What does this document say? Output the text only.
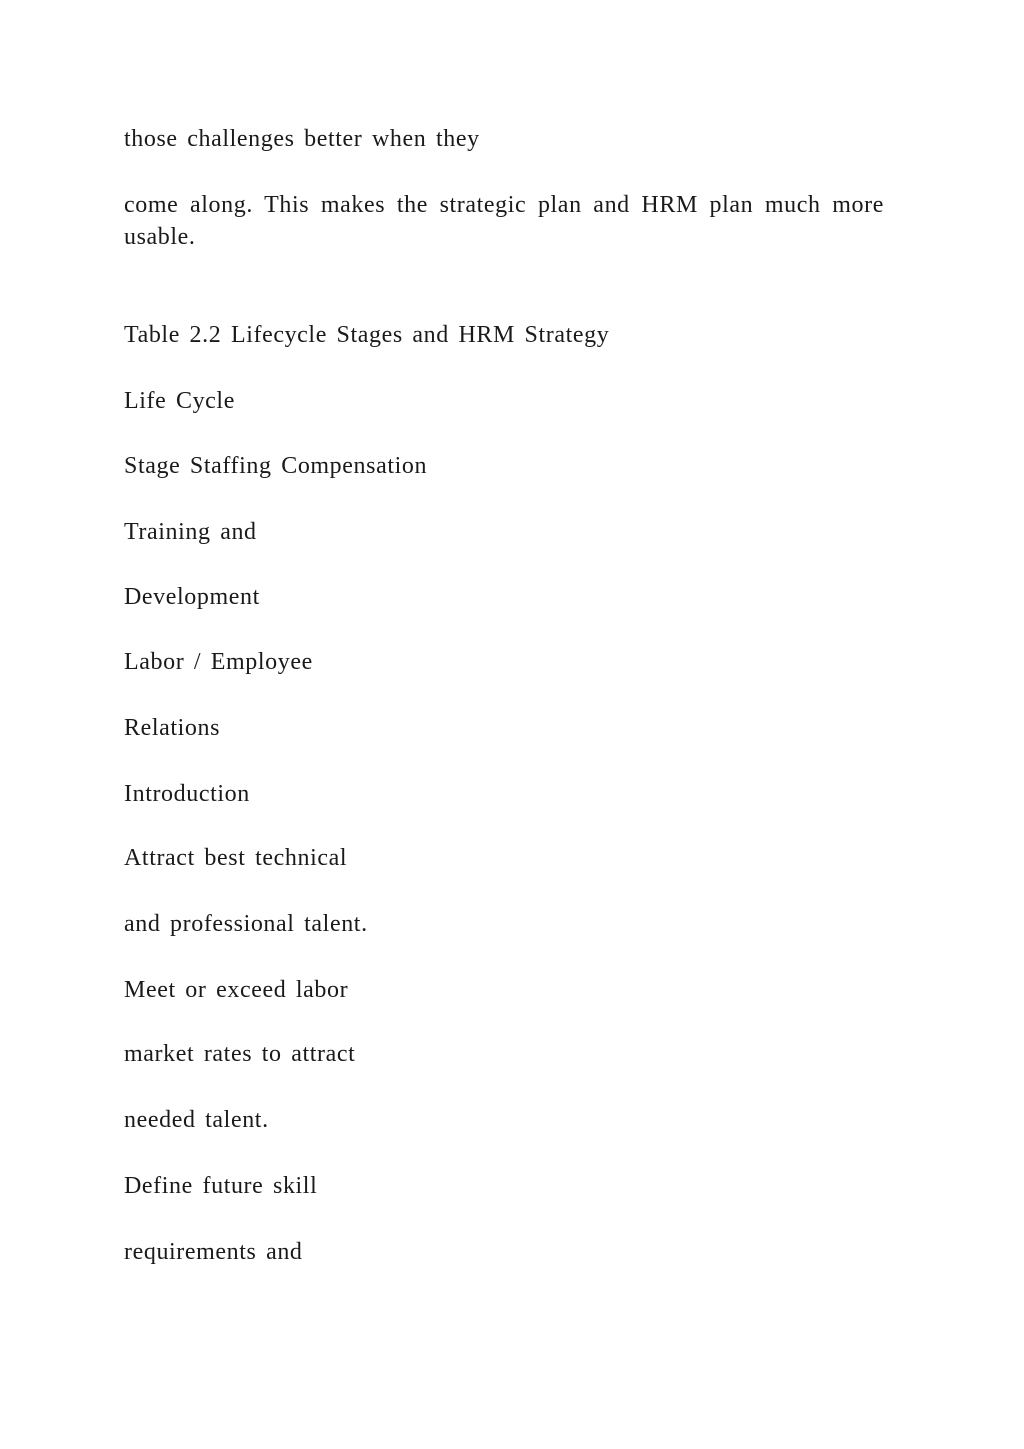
those challenges better when they

come along. This makes the strategic plan and HRM plan much more usable.

Table 2.2 Lifecycle Stages and HRM Strategy

Life Cycle

Stage Staffing Compensation

Training and

Development

Labor / Employee

Relations

Introduction

Attract best technical

and professional talent.

Meet or exceed labor

market rates to attract

needed talent.

Define future skill

requirements and
